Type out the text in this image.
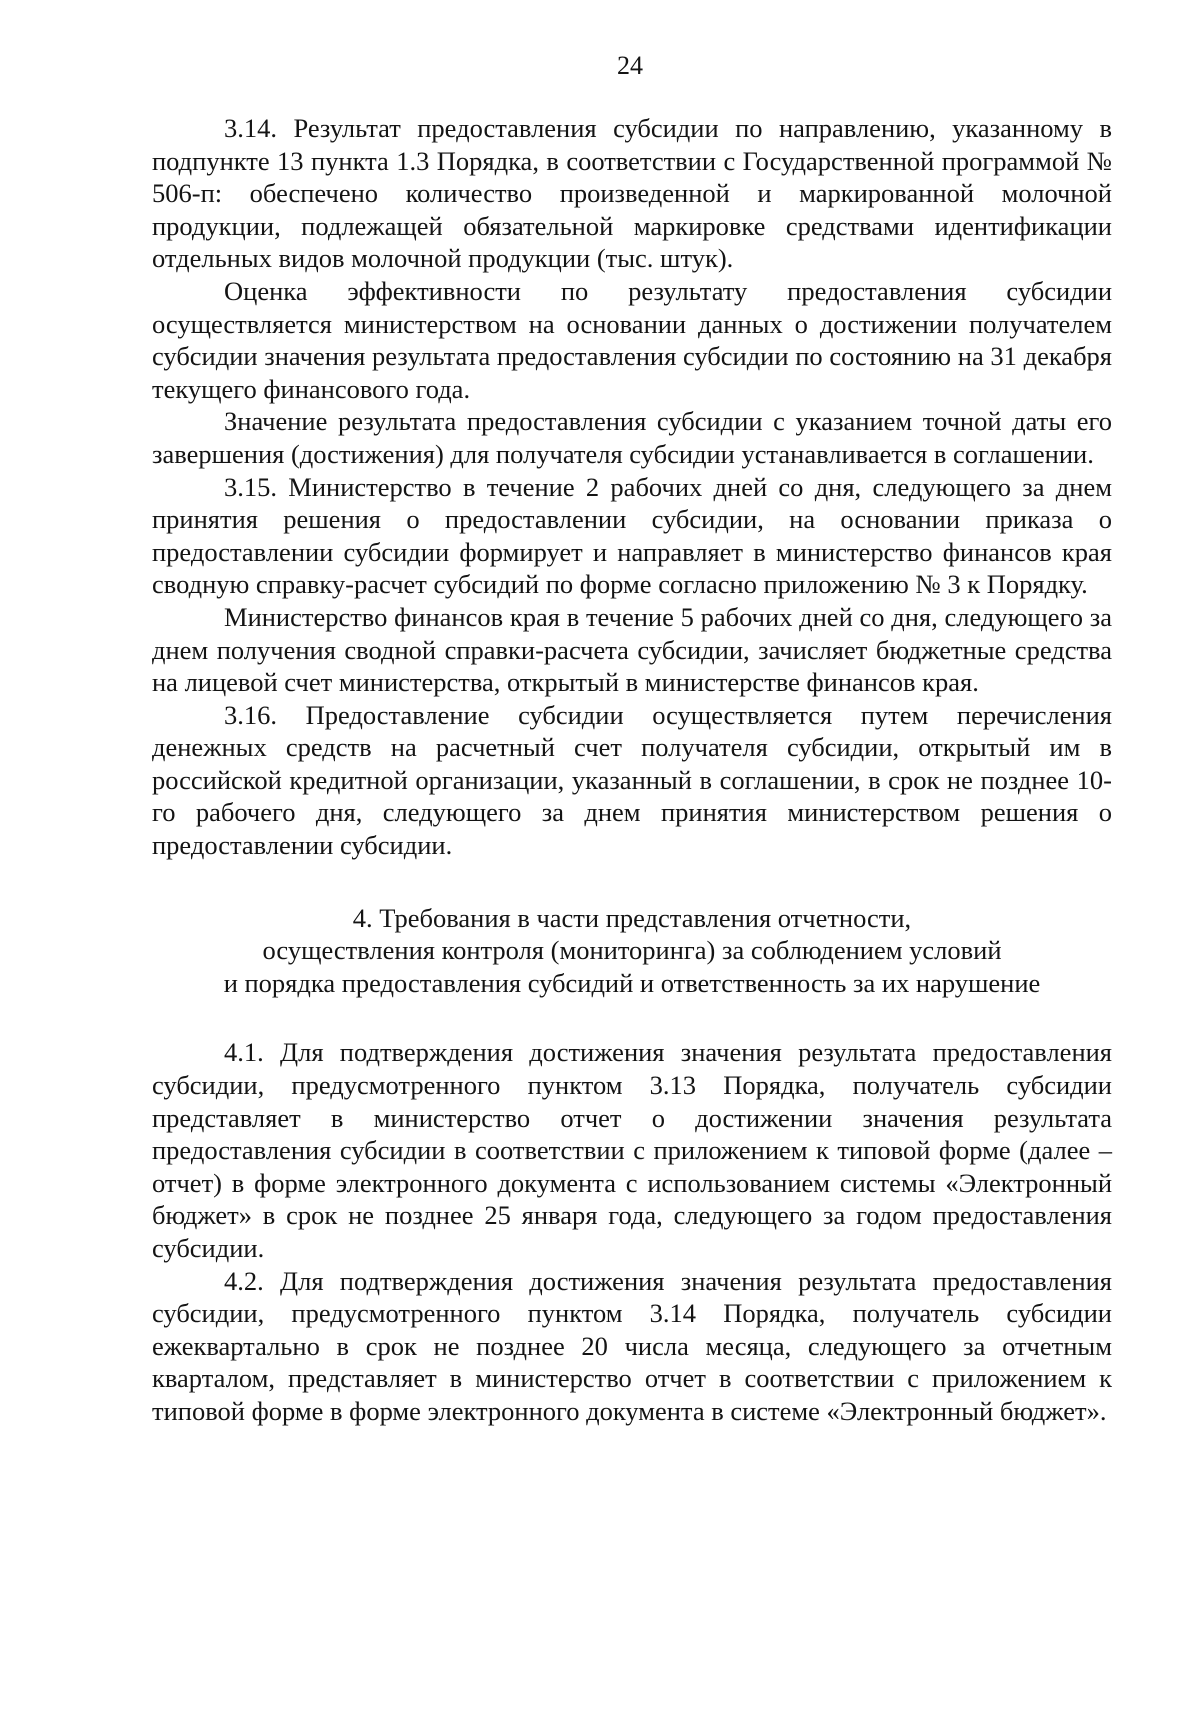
24

3.14. Результат предоставления субсидии по направлению, указанному в подпункте 13 пункта 1.3 Порядка, в соответствии с Государственной программой № 506-п: обеспечено количество произведенной и маркированной молочной продукции, подлежащей обязательной маркировке средствами идентификации отдельных видов молочной продукции (тыс. штук).

Оценка эффективности по результату предоставления субсидии осуществляется министерством на основании данных о достижении получателем субсидии значения результата предоставления субсидии по состоянию на 31 декабря текущего финансового года.

Значение результата предоставления субсидии с указанием точной даты его завершения (достижения) для получателя субсидии устанавливается в соглашении.

3.15. Министерство в течение 2 рабочих дней со дня, следующего за днем принятия решения о предоставлении субсидии, на основании приказа о предоставлении субсидии формирует и направляет в министерство финансов края сводную справку-расчет субсидий по форме согласно приложению № 3 к Порядку.

Министерство финансов края в течение 5 рабочих дней со дня, следующего за днем получения сводной справки-расчета субсидии, зачисляет бюджетные средства на лицевой счет министерства, открытый в министерстве финансов края.

3.16. Предоставление субсидии осуществляется путем перечисления денежных средств на расчетный счет получателя субсидии, открытый им в российской кредитной организации, указанный в соглашении, в срок не позднее 10-го рабочего дня, следующего за днем принятия министерством решения о предоставлении субсидии.

4. Требования в части представления отчетности,
осуществления контроля (мониторинга) за соблюдением условий
и порядка предоставления субсидий и ответственность за их нарушение

4.1. Для подтверждения достижения значения результата предоставления субсидии, предусмотренного пунктом 3.13 Порядка, получатель субсидии представляет в министерство отчет о достижении значения результата предоставления субсидии в соответствии с приложением к типовой форме (далее – отчет) в форме электронного документа с использованием системы «Электронный бюджет» в срок не позднее 25 января года, следующего за годом предоставления субсидии.

4.2. Для подтверждения достижения значения результата предоставления субсидии, предусмотренного пунктом 3.14 Порядка, получатель субсидии ежеквартально в срок не позднее 20 числа месяца, следующего за отчетным кварталом, представляет в министерство отчет в соответствии с приложением к типовой форме в форме электронного документа в системе «Электронный бюджет».
